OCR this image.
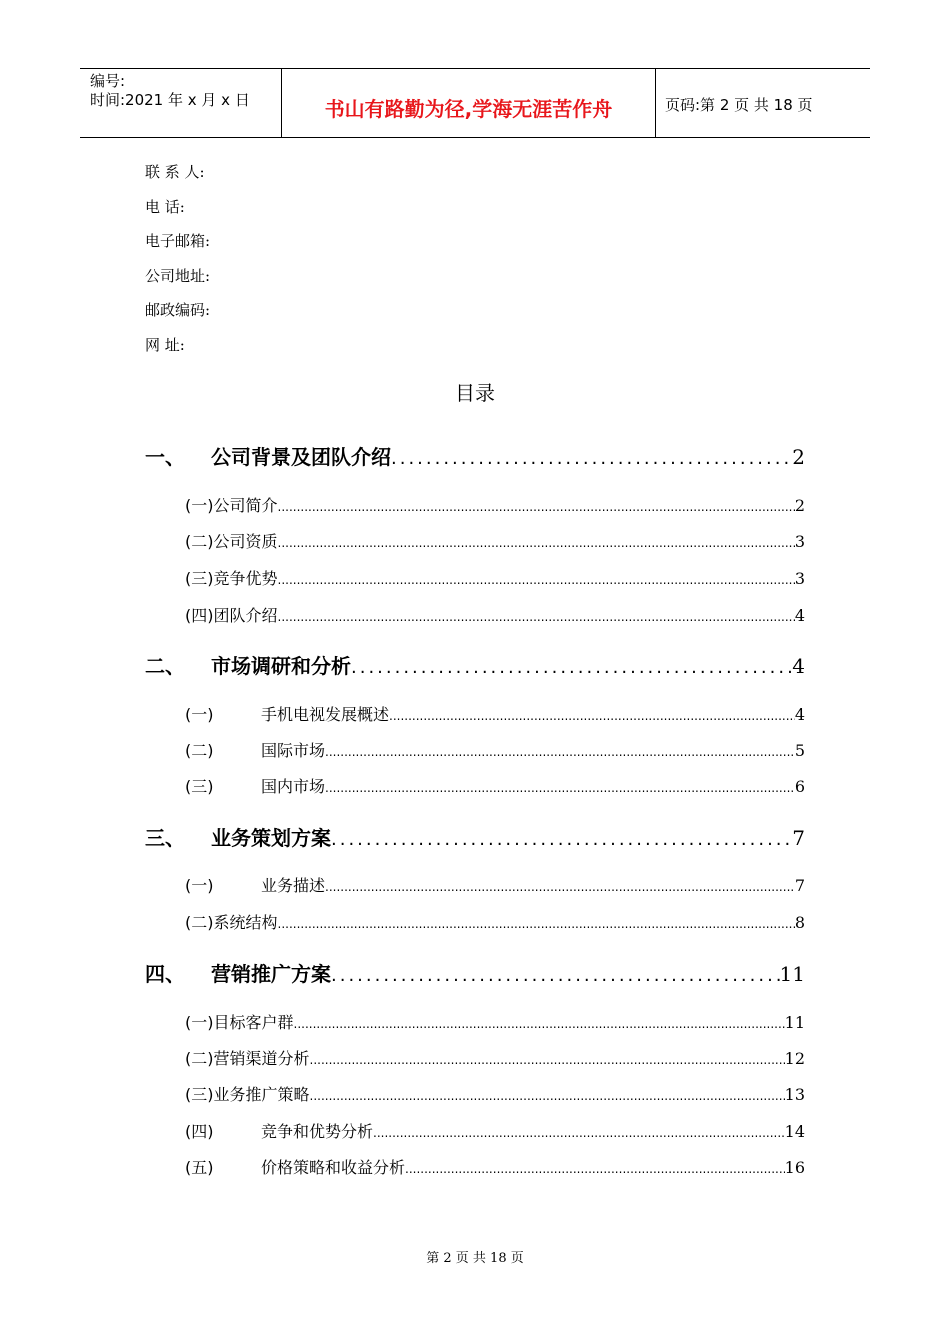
编号:
时间:2021 年 x 月 x 日	书山有路勤为径,学海无涯苦作舟	页码:第 2 页 共 18 页
联 系 人:
电 话:
电子邮箱:
公司地址:
邮政编码:
网 址:
目录
一、	公司背景及团队介绍 .....	2
(一) 公司简介 .....	2
(二) 公司资质 .....	3
(三) 竞争优势 .....	3
(四) 团队介绍 .....	4
二、	市场调研和分析 .....	4
(一)	手机电视发展概述 .....	4
(二)	国际市场 .....	5
(三)	国内市场 .....	6
三、	业务策划方案 .....	7
(一)	业务描述 .....	7
(二) 系统结构 .....	8
四、	营销推广方案 .....	11
(一) 目标客户群 .....	11
(二) 营销渠道分析 .....	12
(三) 业务推广策略 .....	13
(四)	竞争和优势分析 .....	14
(五)	价格策略和收益分析 .....	16
第 2 页 共 18 页
